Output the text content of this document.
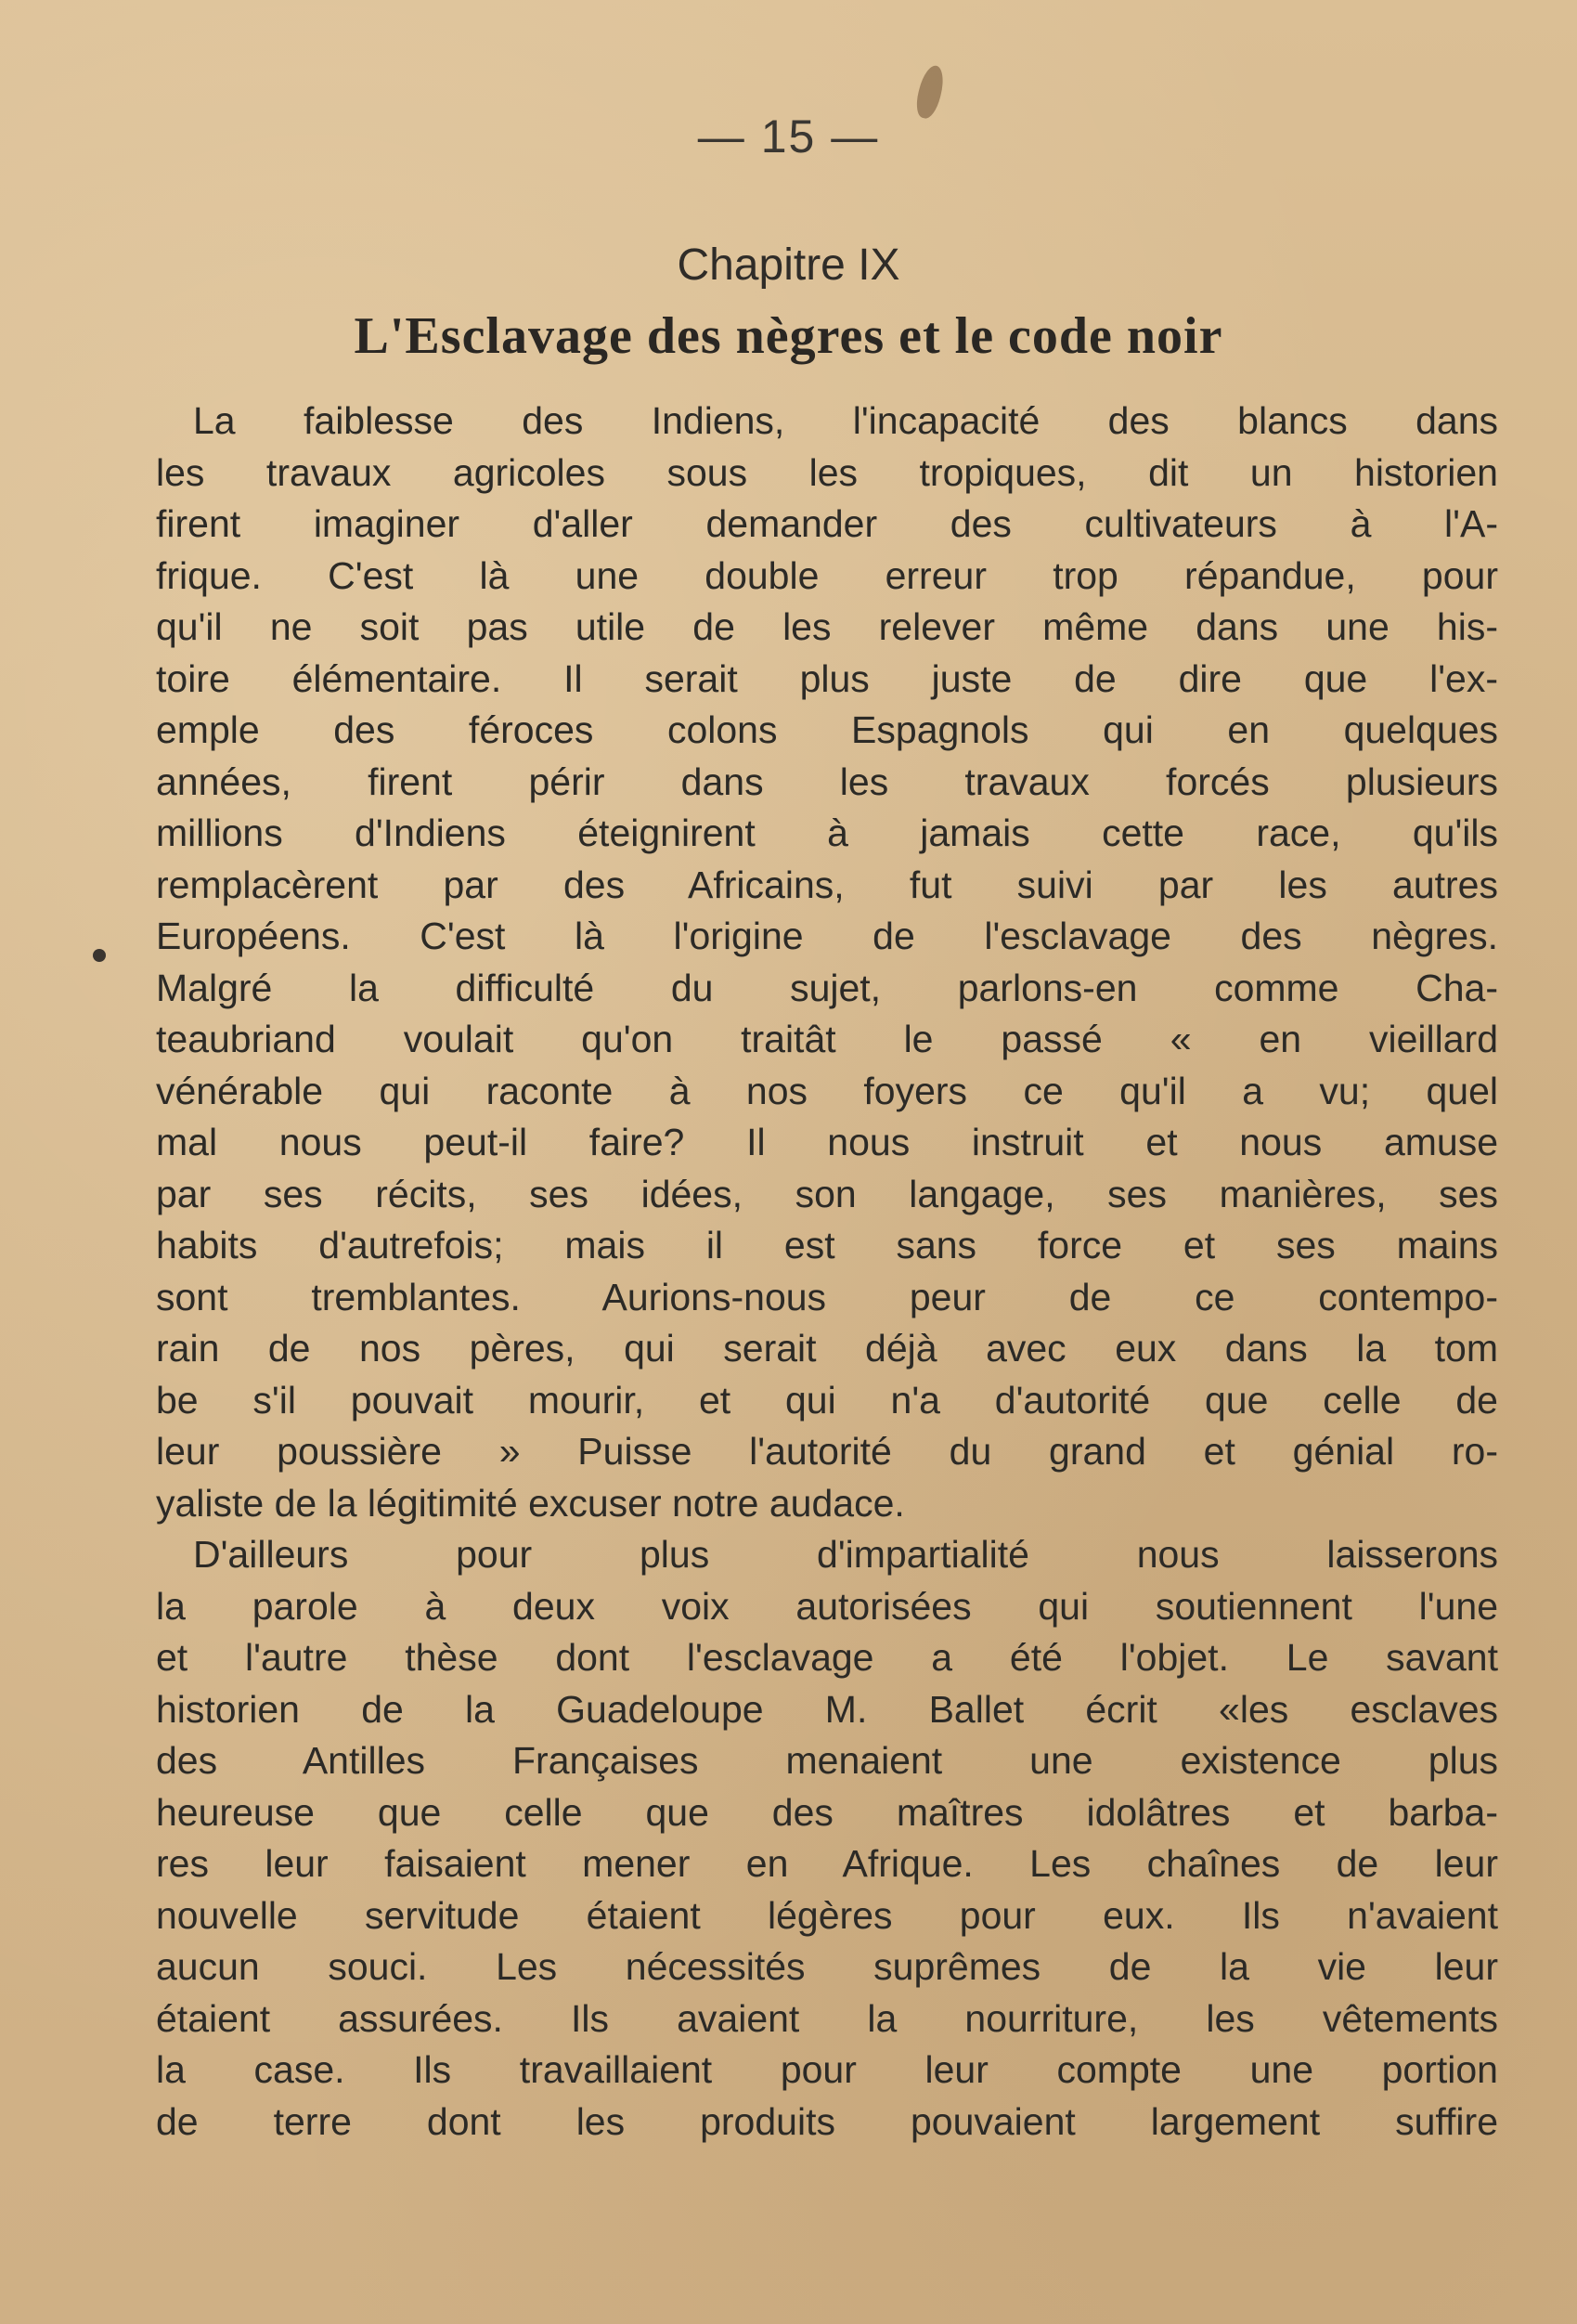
— 15 —
Chapitre IX
L'Esclavage des nègres et le code noir
La faiblesse des Indiens, l'incapacité des blancs dans
les travaux agricoles sous les tropiques, dit un historien
firent imaginer d'aller demander des cultivateurs à l'A-
frique. C'est là une double erreur trop répandue, pour
qu'il ne soit pas utile de les relever même dans une his-
toire élémentaire. Il serait plus juste de dire que l'ex-
emple des féroces colons Espagnols qui en quelques
années, firent périr dans les travaux forcés plusieurs
millions d'Indiens éteignirent à jamais cette race, qu'ils
remplacèrent par des Africains, fut suivi par les autres
Européens. C'est là l'origine de l'esclavage des nègres.
Malgré la difficulté du sujet, parlons-en comme Cha-
teaubriand voulait qu'on traitât le passé « en vieillard
vénérable qui raconte à nos foyers ce qu'il a vu; quel
mal nous peut-il faire? Il nous instruit et nous amuse
par ses récits, ses idées, son langage, ses manières, ses
habits d'autrefois; mais il est sans force et ses mains
sont tremblantes. Aurions-nous peur de ce contempo-
rain de nos pères, qui serait déjà avec eux dans la tom
be s'il pouvait mourir, et qui n'a d'autorité que celle de
leur poussière » Puisse l'autorité du grand et génial ro-
yaliste de la légitimité excuser notre audace.
D'ailleurs pour plus d'impartialité nous laisserons
la parole à deux voix autorisées qui soutiennent l'une
et l'autre thèse dont l'esclavage a été l'objet. Le savant
historien de la Guadeloupe M. Ballet écrit «les esclaves
des Antilles Françaises menaient une existence plus
heureuse que celle que des maîtres idolâtres et barba-
res leur faisaient mener en Afrique. Les chaînes de leur
nouvelle servitude étaient légères pour eux. Ils n'avaient
aucun souci. Les nécessités suprêmes de la vie leur
étaient assurées. Ils avaient la nourriture, les vêtements
la case. Ils travaillaient pour leur compte une portion
de terre dont les produits pouvaient largement suffire
